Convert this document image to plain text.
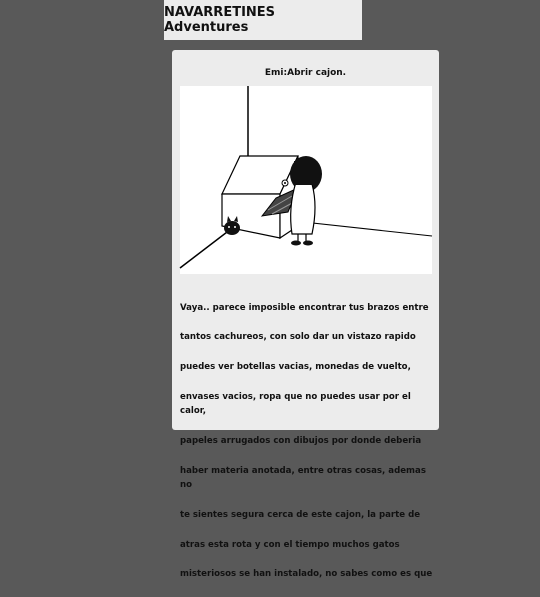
NAVARRETINES Adventures
Emi:Abrir cajon.

Vaya.. parece imposible encontrar tus brazos entre

tantos cachureos, con solo dar un vistazo rapido

puedes ver botellas vacias, monedas de vuelto,

envases vacios, ropa que no puedes usar por el calor,

papeles arrugados con dibujos por donde deberia

haber materia anotada, entre otras cosas, ademas no

te sientes segura cerca de este cajon, la parte de

atras esta rota y con el tiempo muchos gatos

misteriosos se han instalado, no sabes como es que
